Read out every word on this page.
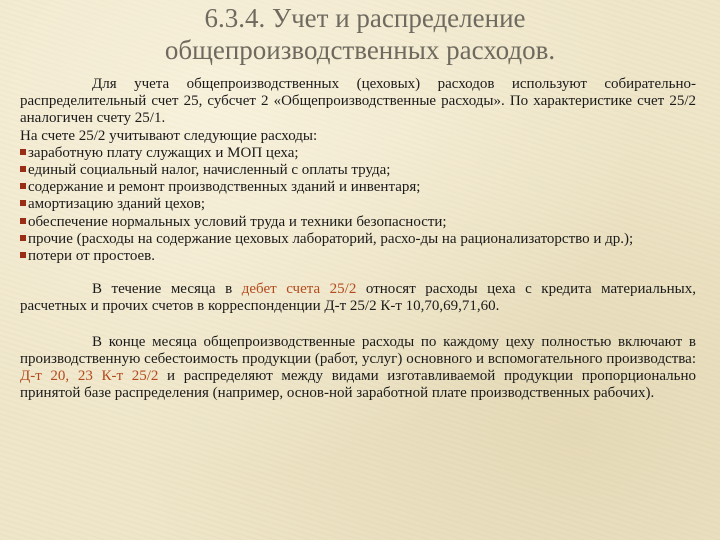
6.3.4. Учет и распределение
общепроизводственных расходов.

Для учета общепроизводственных (цеховых) расходов используют собирательно-распределительный счет 25, субсчет 2 «Общепроизводственные расходы». По характеристике счет 25/2 аналогичен счету 25/1.

На счете 25/2 учитывают следующие расходы:

заработную плату служащих и МОП цеха;

единый социальный налог, начисленный с оплаты труда;

содержание и ремонт производственных зданий и инвентаря;

амортизацию зданий цехов;

обеспечение нормальных условий труда и техники безопасности;

прочие (расходы на содержание цеховых лабораторий, расхо-ды на рационализаторство и др.);

потери от простоев.

В течение месяца в дебет счета 25/2 относят расходы цеха с кредита материальных, расчетных и прочих счетов в корреспонденции Д-т 25/2 К-т 10,70,69,71,60.

В конце месяца общепроизводственные расходы по каждому цеху полностью включают в производственную себестоимость продукции (работ, услуг) основного и вспомогательного производства: Д-т 20, 23 К-т 25/2 и распределяют между видами изготавливаемой продукции пропорционально принятой базе распределения (например, основ-ной заработной плате производственных рабочих).
